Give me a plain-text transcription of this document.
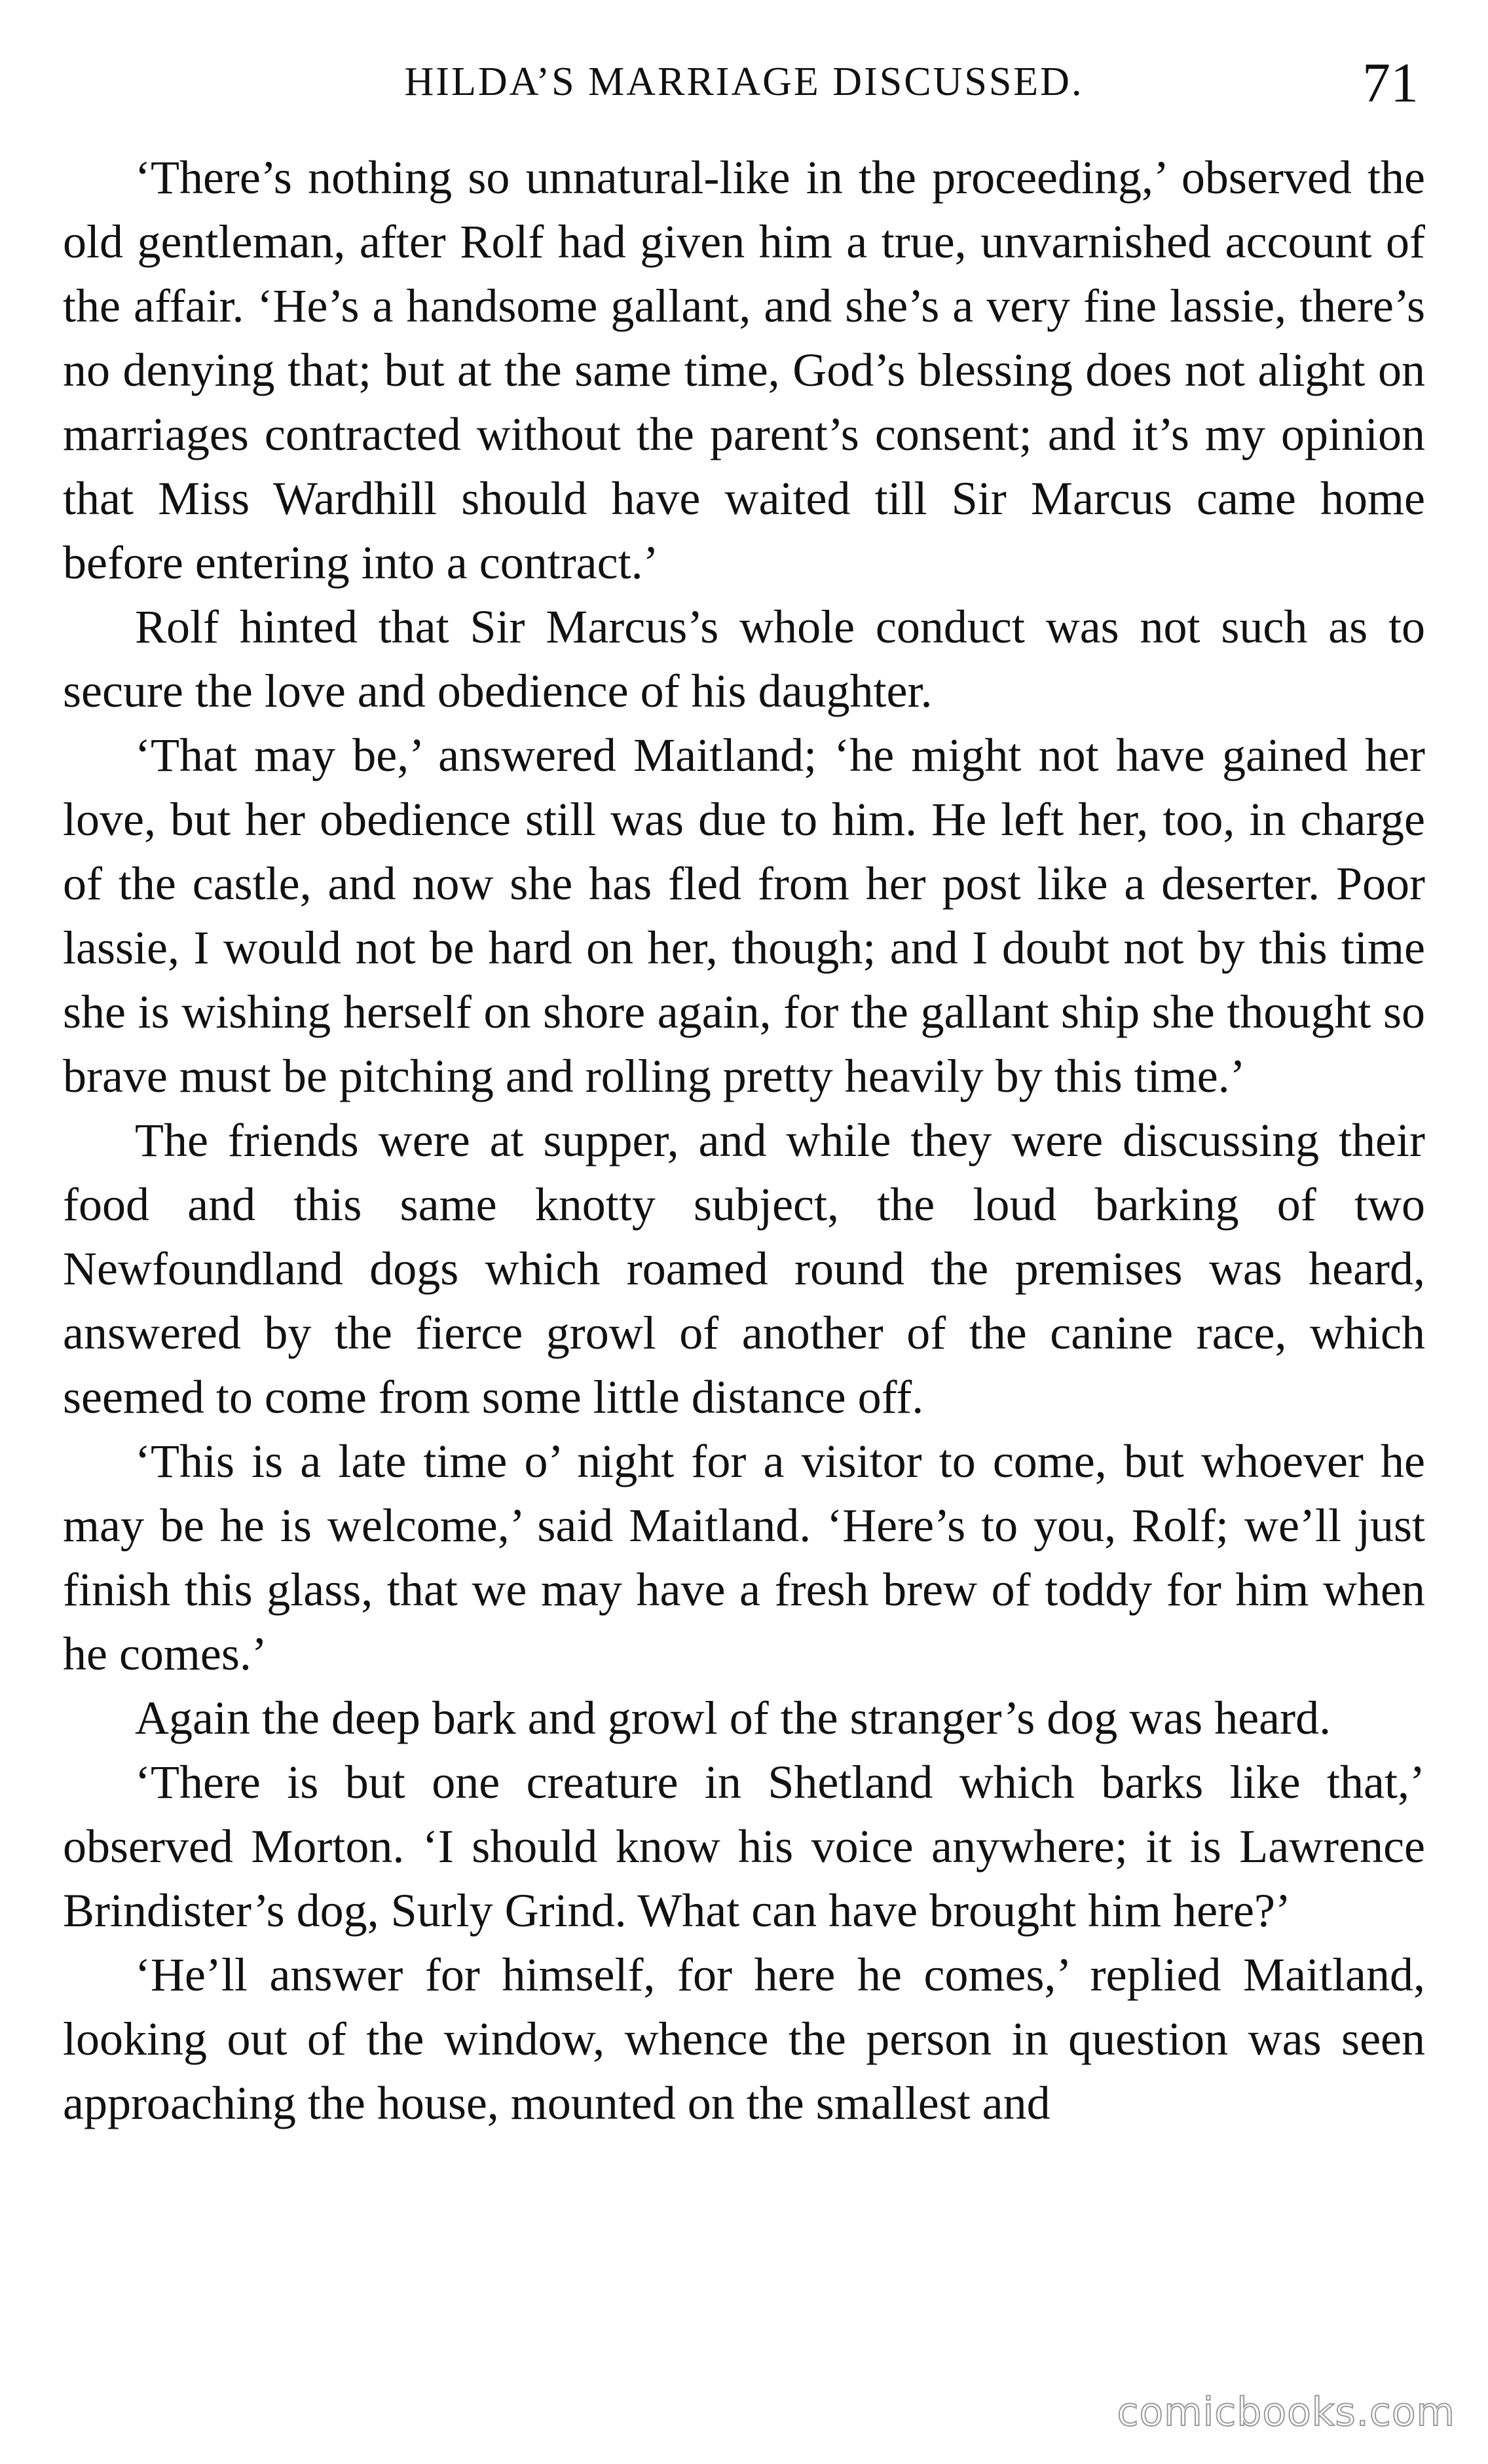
HILDA’S MARRIAGE DISCUSSED.	71

‘There’s nothing so unnatural-like in the proceeding,’ observed the old gentleman, after Rolf had given him a true, unvarnished account of the affair. ‘He’s a handsome gallant, and she’s a very fine lassie, there’s no denying that; but at the same time, God’s blessing does not alight on marriages contracted without the parent’s consent; and it’s my opinion that Miss Wardhill should have waited till Sir Marcus came home before entering into a contract.’

Rolf hinted that Sir Marcus’s whole conduct was not such as to secure the love and obedience of his daughter.

‘That may be,’ answered Maitland; ‘he might not have gained her love, but her obedience still was due to him. He left her, too, in charge of the castle, and now she has fled from her post like a deserter. Poor lassie, I would not be hard on her, though; and I doubt not by this time she is wishing herself on shore again, for the gallant ship she thought so brave must be pitching and rolling pretty heavily by this time.’

The friends were at supper, and while they were discussing their food and this same knotty subject, the loud barking of two Newfoundland dogs which roamed round the premises was heard, answered by the fierce growl of another of the canine race, which seemed to come from some little distance off.

‘This is a late time o’ night for a visitor to come, but whoever he may be he is welcome,’ said Maitland. ‘Here’s to you, Rolf; we’ll just finish this glass, that we may have a fresh brew of toddy for him when he comes.’

Again the deep bark and growl of the stranger’s dog was heard.

‘There is but one creature in Shetland which barks like that,’ observed Morton. ‘I should know his voice anywhere; it is Lawrence Brindister’s dog, Surly Grind. What can have brought him here?’

‘He’ll answer for himself, for here he comes,’ replied Maitland, looking out of the window, whence the person in question was seen approaching the house, mounted on the smallest and

comicbooks.com
